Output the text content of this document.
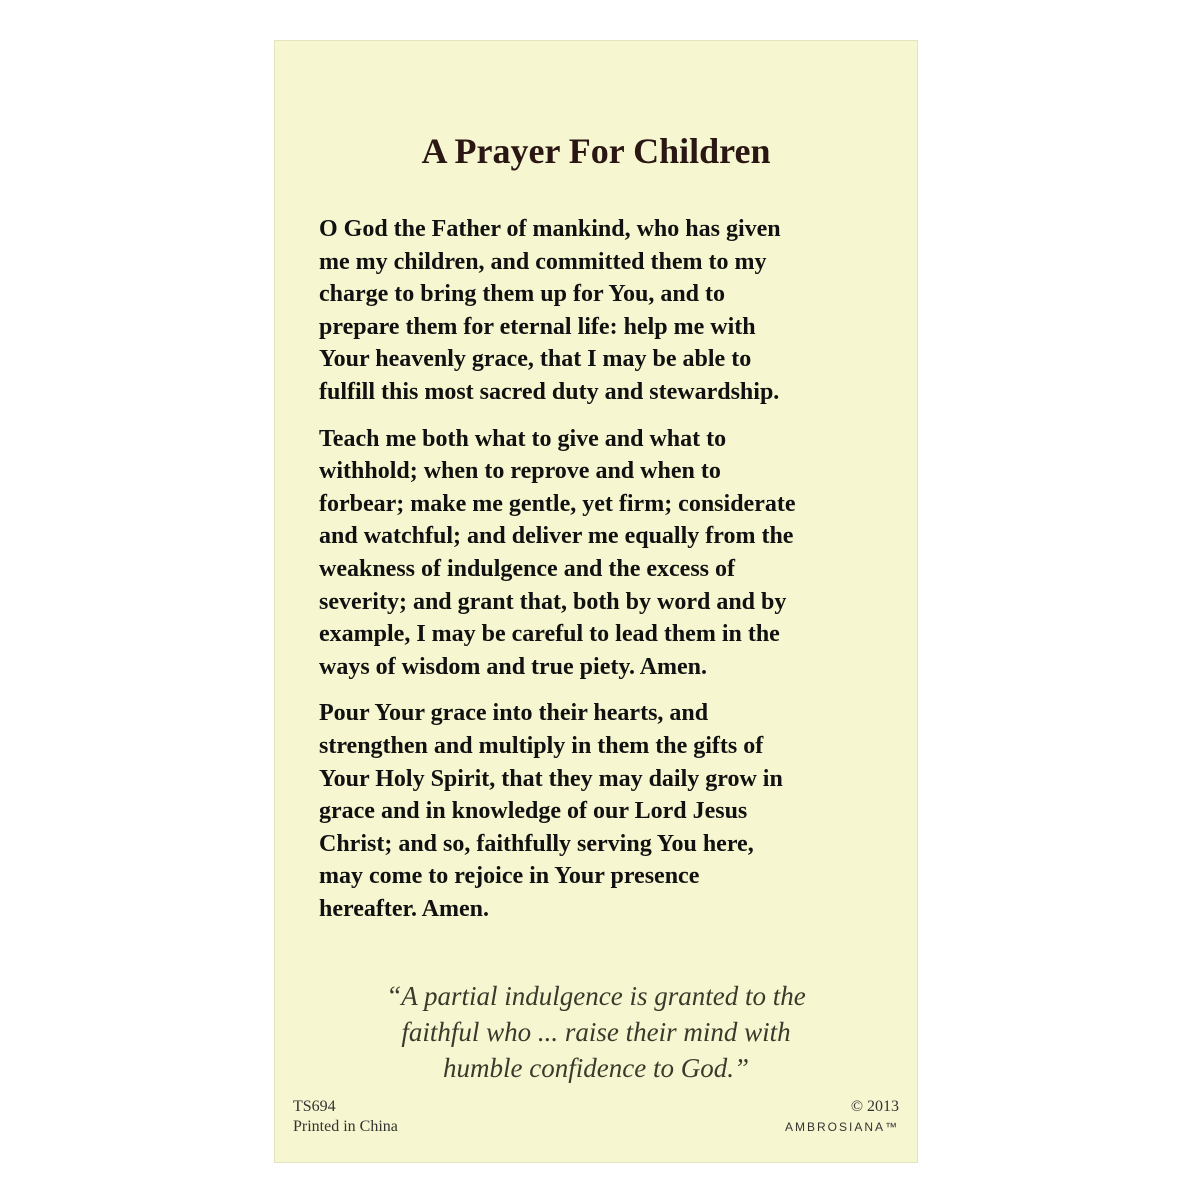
A Prayer For Children

O God the Father of mankind, who has given
me my children, and committed them to my
charge to bring them up for You, and to
prepare them for eternal life: help me with
Your heavenly grace, that I may be able to
fulfill this most sacred duty and stewardship.

Teach me both what to give and what to
withhold; when to reprove and when to
forbear; make me gentle, yet firm; considerate
and watchful; and deliver me equally from the
weakness of indulgence and the excess of
severity; and grant that, both by word and by
example, I may be careful to lead them in the
ways of wisdom and true piety. Amen.

Pour Your grace into their hearts, and
strengthen and multiply in them the gifts of
Your Holy Spirit, that they may daily grow in
grace and in knowledge of our Lord Jesus
Christ; and so, faithfully serving You here,
may come to rejoice in Your presence
hereafter. Amen.

“A partial indulgence is granted to the
faithful who ... raise their mind with
humble confidence to God.”
TS694
Printed in China
© 2013
AMBROSIANA™
